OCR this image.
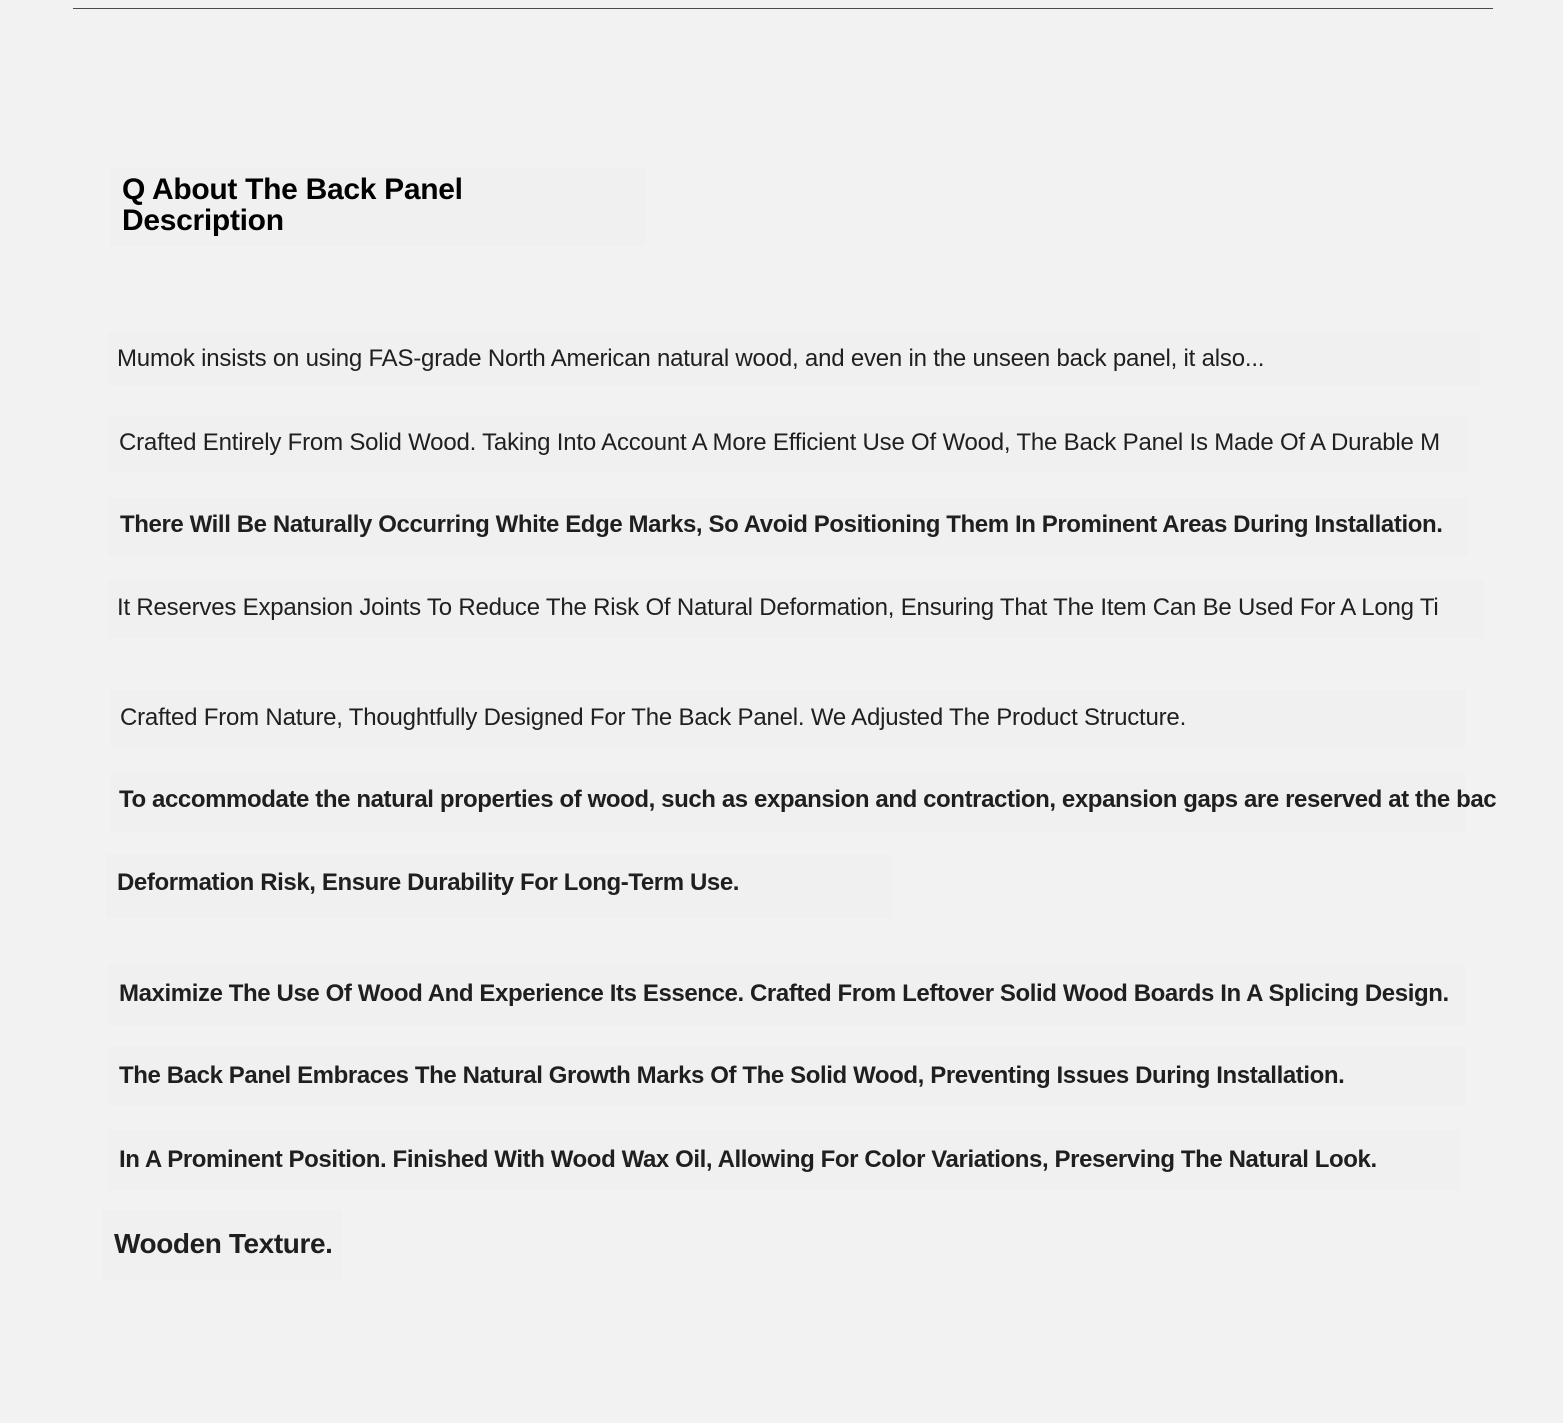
Q About The Back Panel Description

Mumok insists on using FAS-grade North American natural wood, and even in the unseen back panel, it also...

Crafted Entirely From Solid Wood. Taking Into Account A More Efficient Use Of Wood, The Back Panel Is Made Of A Durable M

There Will Be Naturally Occurring White Edge Marks, So Avoid Positioning Them In Prominent Areas During Installation.

It Reserves Expansion Joints To Reduce The Risk Of Natural Deformation, Ensuring That The Item Can Be Used For A Long Ti

Crafted From Nature, Thoughtfully Designed For The Back Panel. We Adjusted The Product Structure.

To accommodate the natural properties of wood, such as expansion and contraction, expansion gaps are reserved at the bac

Deformation Risk, Ensure Durability For Long-Term Use.

Maximize The Use Of Wood And Experience Its Essence. Crafted From Leftover Solid Wood Boards In A Splicing Design.

The Back Panel Embraces The Natural Growth Marks Of The Solid Wood, Preventing Issues During Installation.

In A Prominent Position. Finished With Wood Wax Oil, Allowing For Color Variations, Preserving The Natural Look.

Wooden Texture.
